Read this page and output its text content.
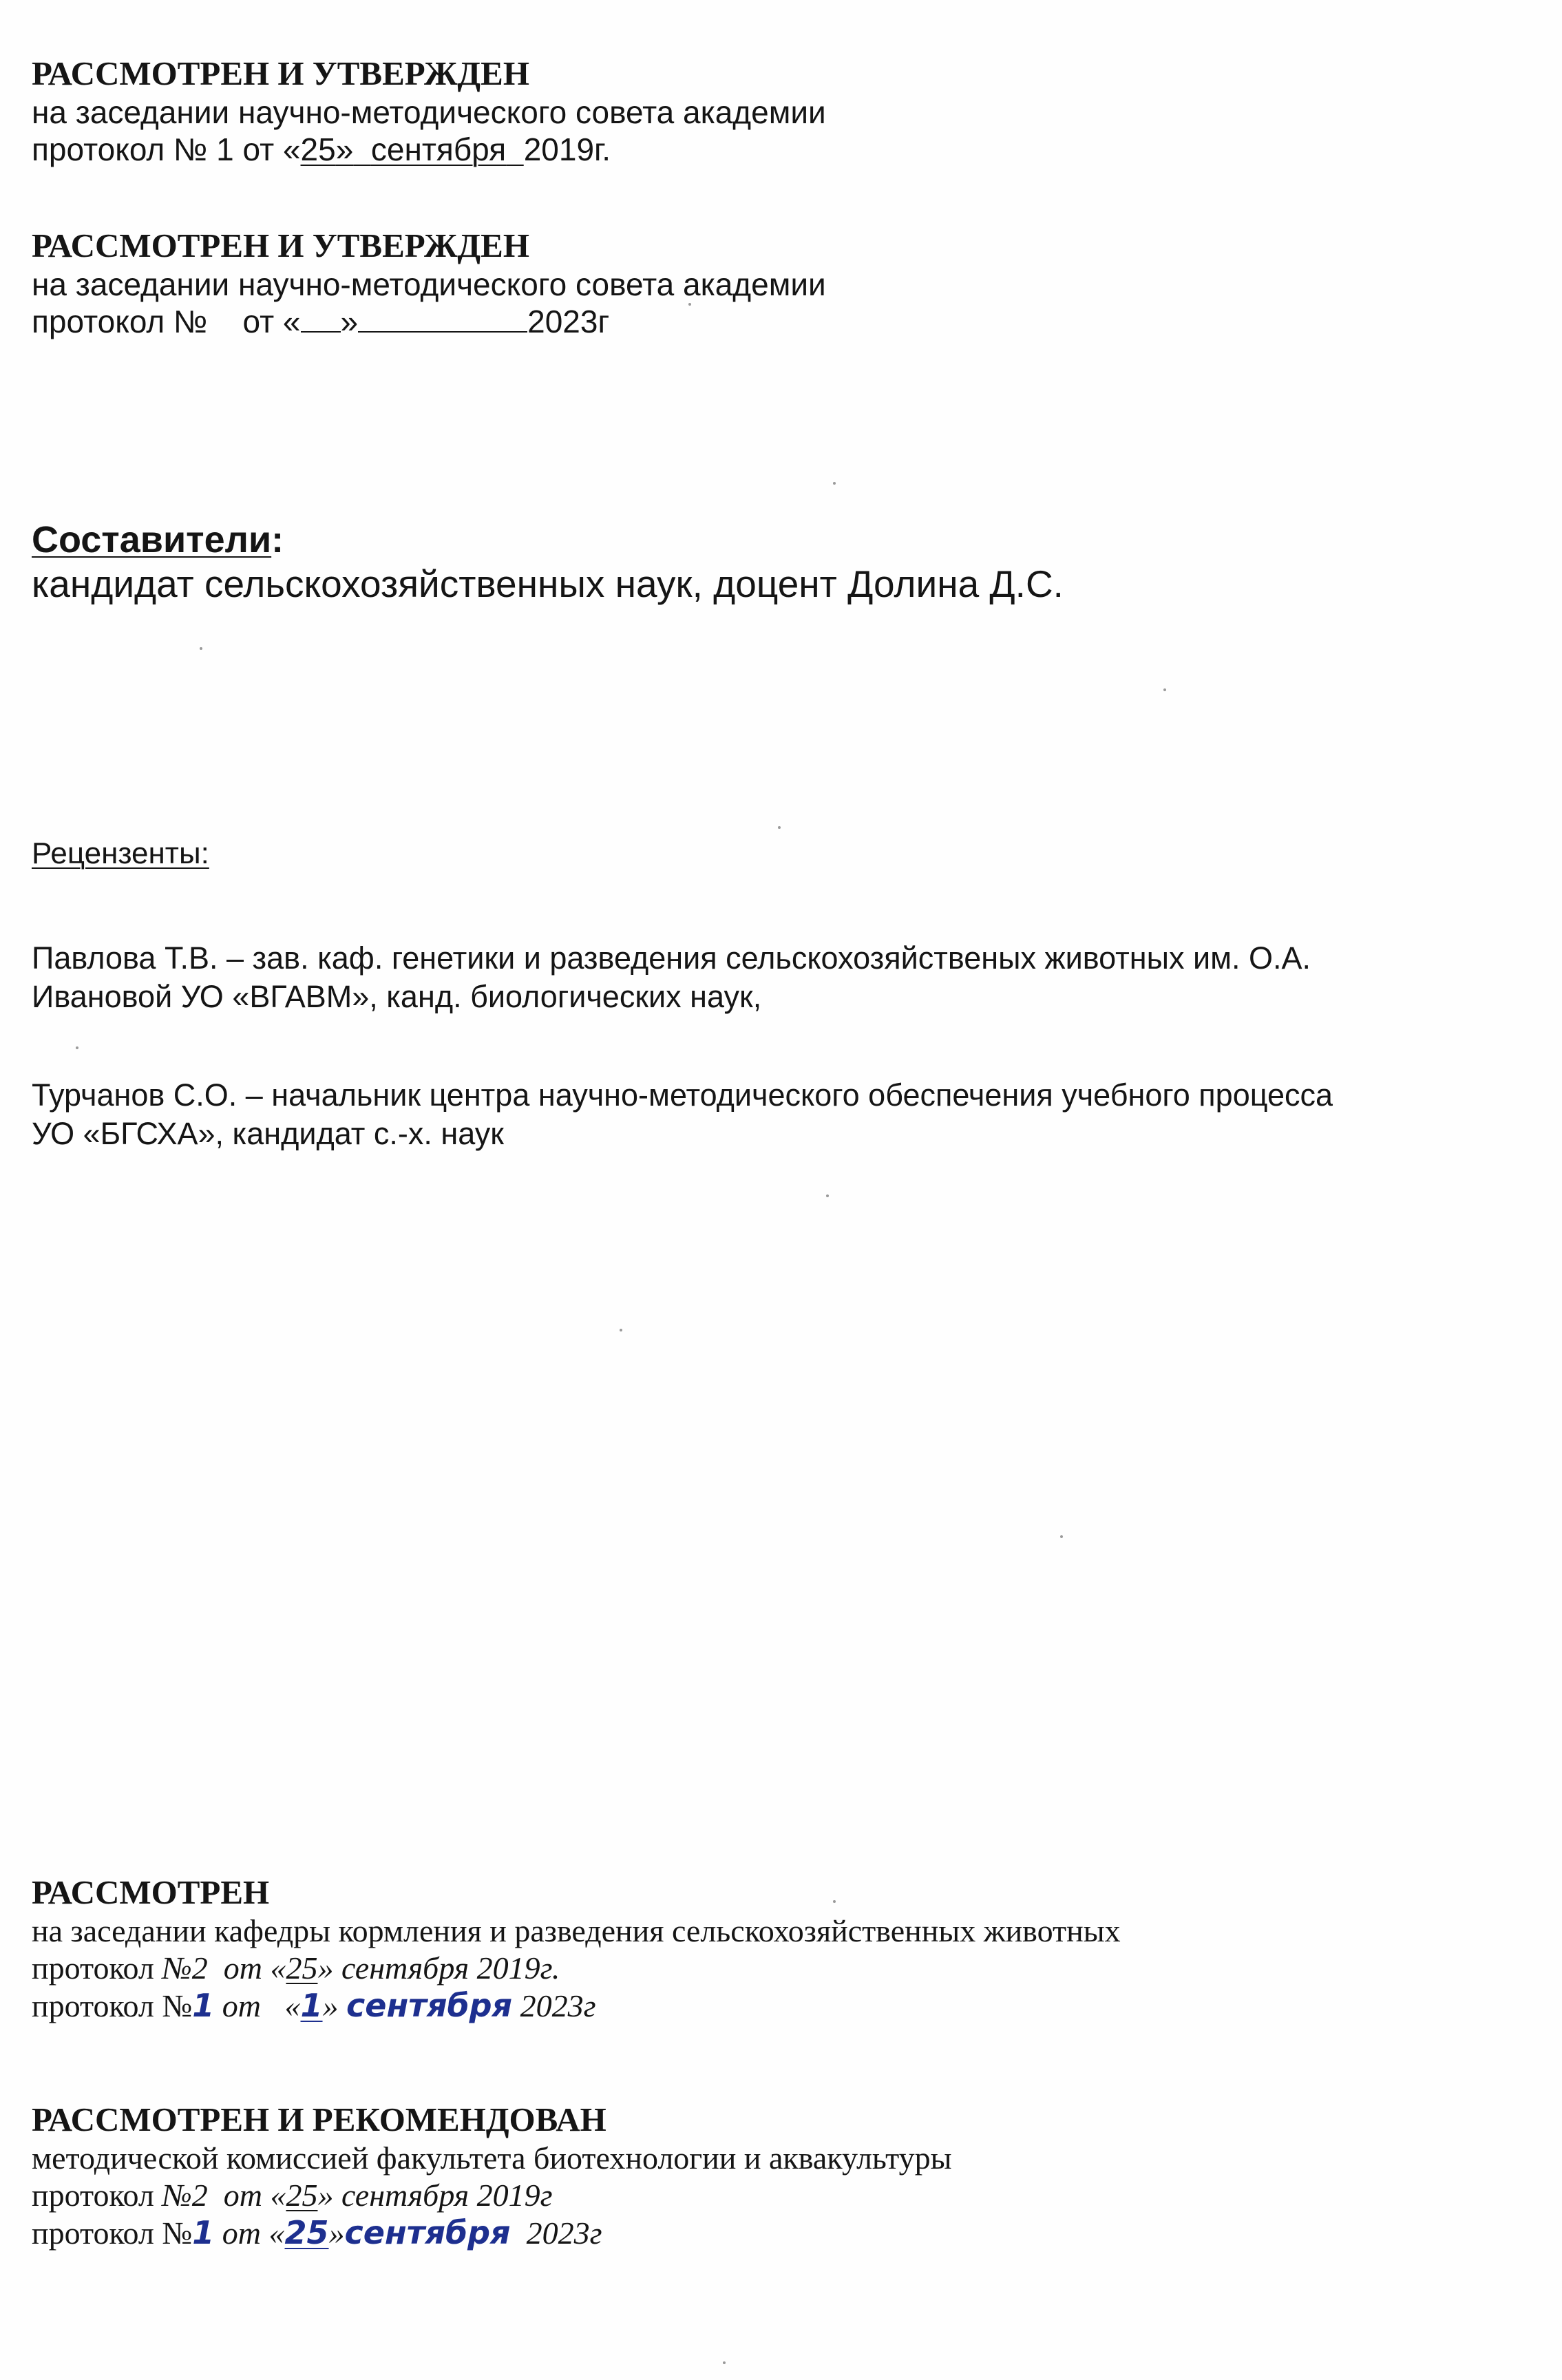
РАССМОТРЕН И УТВЕРЖДЕН
на заседании научно-методического совета академии
протокол № 1 от «25» сентября 2019г.
РАССМОТРЕН И УТВЕРЖДЕН
на заседании научно-методического совета академии
протокол №    от « »	2023г
Составители:
кандидат сельскохозяйственных наук, доцент Долина Д.С.
Рецензенты:
Павлова Т.В. – зав. каф. генетики и разведения сельскохозяйственых животных им. О.А.
Ивановой УО «ВГАВМ», канд. биологических наук,
Турчанов С.О. – начальник центра научно-методического обеспечения учебного процесса
УО «БГСХА», кандидат с.-х. наук
РАССМОТРЕН
на заседании кафедры кормления и разведения сельскохозяйственных животных
протокол №2  от «25» сентября 2019г.
протокол №1 от   «1» сентября 2023г
РАССМОТРЕН И РЕКОМЕНДОВАН
методической комиссией факультета биотехнологии и аквакультуры
протокол №2  от «25» сентября 2019г
протокол №1 от «25»сентября  2023г
